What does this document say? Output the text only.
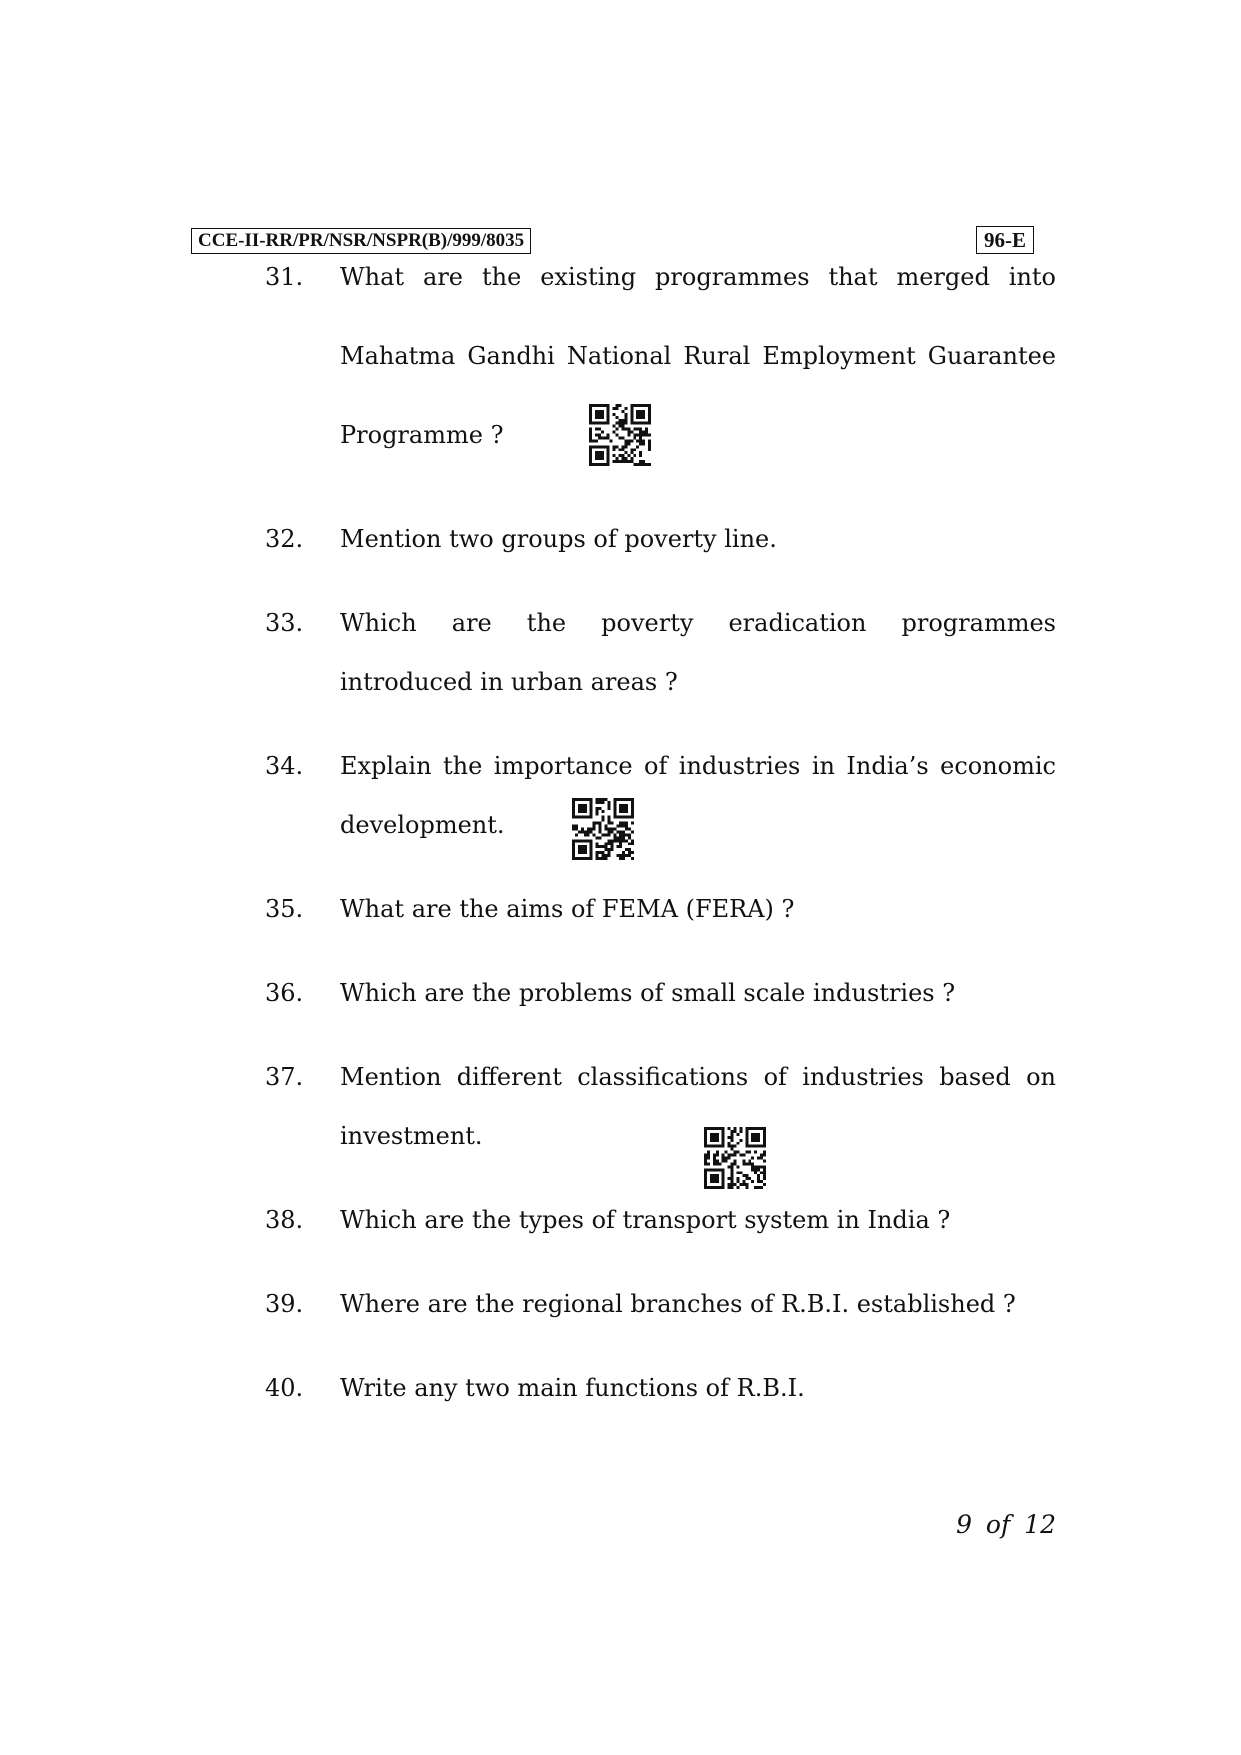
CCE-II-RR/PR/NSR/NSPR(B)/999/8035	96-E
31. What are the existing programmes that merged into
Mahatma Gandhi National Rural Employment Guarantee
Programme ?
32. Mention two groups of poverty line.
33. Which are the poverty eradication programmes
introduced in urban areas ?
34. Explain the importance of industries in India’s economic
development.
35. What are the aims of FEMA (FERA) ?
36. Which are the problems of small scale industries ?
37. Mention different classifications of industries based on
investment.
38. Which are the types of transport system in India ?
39. Where are the regional branches of R.B.I. established ?
40. Write any two main functions of R.B.I.
9 of 12
